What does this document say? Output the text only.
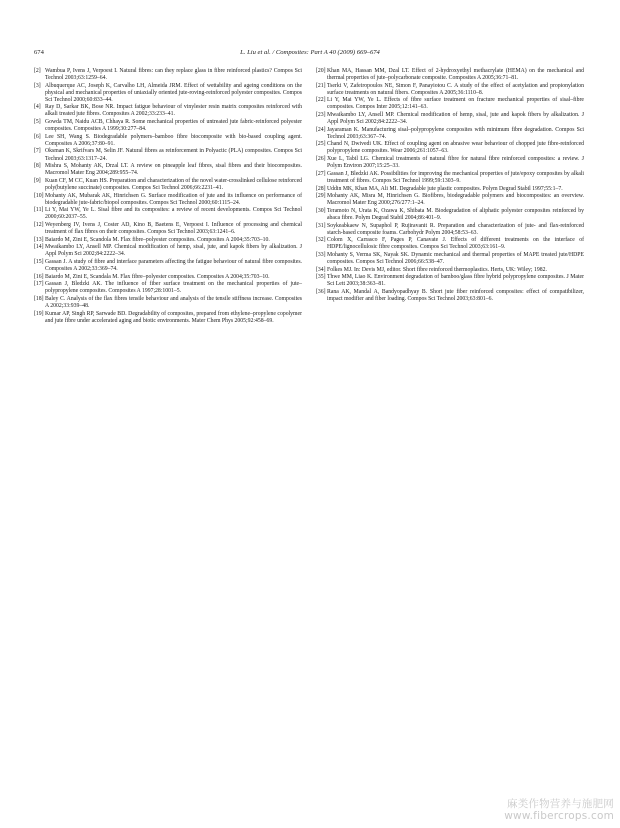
674	L. Liu et al. / Composites: Part A 40 (2009) 669–674
[2] Wambua P, Ivens J, Verpoest I. Natural fibres: can they replace glass in fibre reinforced plastics? Compos Sci Technol 2003;63:1259–64.
[3] Albuquerque AC, Joseph K, Carvalho LH, Almeida JRM. Effect of wettability and ageing conditions on the physical and mechanical properties of uniaxially oriented jute-roving-reinforced polyester composites. Compos Sci Technol 2000;60:833–44.
[4] Ray D, Sarkar BK, Bose NR. Impact fatigue behaviour of vinylester resin matrix composites reinforced with alkali treated jute fibres. Composites A 2002;33:233–41.
[5] Gowda TM, Naidu ACB, Chhaya R. Some mechanical properties of untreated jute fabric-reinforced polyester composites. Composites A 1999;30:277–84.
[6] Lee SH, Wang S. Biodegradable polymers–bamboo fibre biocomposite with bio-based coupling agent. Composites A 2006;37:80–91.
[7] Oksman K, Skrifvars M, Selin JF. Natural fibres as reinforcement in Polyactic (PLA) composites. Compos Sci Technol 2003;63:1317–24.
[8] Mishra S, Mohanty AK, Drzal LT. A review on pineapple leaf fibres, sisal fibres and their biocomposites. Macromol Mater Eng 2004;289:955–74.
[9] Kuan CF, M CC, Kuan HS. Preparation and characterization of the novel water-crosslinked cellulose reinforced poly(butylene succinate) composites. Compos Sci Technol 2006;66:2231–41.
[10] Mohanty AK, Mubarak AK, Hinrichsen G. Surface modification of jute and its influence on performance of biodegradable jute-fabric/biopol composites. Compos Sci Technol 2000;60:1115–24.
[11] Li Y, Mai YW, Ye L. Sisal fibre and its composites: a review of recent developments. Compos Sci Technol 2000;60:2037–55.
[12] Weyenberg IV, Ivens J, Coster AD, Kino B, Baetens E, Verpoest I. Influence of processing and chemical treatment of flax fibres on their composites. Compos Sci Technol 2003;63:1241–6.
[13] Baiardo M, Zini E, Scandola M. Flax fibre–polyester composites. Composites A 2004;35:703–10.
[14] Mwaikambo LY, Ansell MP. Chemical modification of hemp, sisal, jute, and kapok fibers by alkalization. J Appl Polym Sci 2002;84:2222–34.
[15] Gassan J. A study of fibre and interface parameters affecting the fatigue behaviour of natural fibre composites. Composites A 2002;33:369–74.
[16] Baiardo M, Zini E, Scandala M. Flax fibre–polyester composites. Composites A 2004;35:703–10.
[17] Gassan J, Bledzki AK. The influence of fiber surface treatment on the mechanical properties of jute–polypropylene composites. Composites A 1997;28:1001–5.
[18] Baley C. Analysis of the flax fibres tensile behaviour and analysis of the tensile stiffness increase. Composites A 2002;33:939–48.
[19] Kumar AP, Singh RP, Sarwade BD. Degradability of composites, prepared from ethylene–propylene copolymer and jute fibre under accelerated aging and biotic environments. Mater Chem Phys 2005;92:458–69.
[20] Khan MA, Hassan MM, Dzal LT. Effect of 2-hydroxyethyl methacrylate (HEMA) on the mechanical and thermal properties of jute–polycarbonate composite. Composites A 2005;36:71–81.
[21] Tserki V, Zafeiropoulos NE, Simon F, Panayiotou C. A study of the effect of acetylation and propionylation surface treatments on natural fibers. Composites A 2005;36:1110–8.
[22] Li Y, Mai YW, Ye L. Effects of fibre surface treatment on fracture mechanical properties of sisal–fibre composites. Compos Inter 2005;12:141–63.
[23] Mwaikambo LY, Ansell MP. Chemical modification of hemp, sisal, jute and kapok fibers by alkalization. J Appl Polym Sci 2002;84:2222–34.
[24] Jayaraman K. Manufacturing sisal–polypropylene composites with minimum fibre degradation. Compos Sci Technol 2003;63:367–74.
[25] Chand N, Dwivedi UK. Effect of coupling agent on abrasive wear behaviour of chopped jute fibre-reinforced polypropylene composites. Wear 2006;261:1057–63.
[26] Xue L, Tabil LG. Chemical treatments of natural fibre for natural fibre reinforced composites: a review. J Polym Environ 2007;15:25–33.
[27] Gassan J, Bledzki AK. Possibilities for improving the mechanical properties of jute/epoxy composites by alkali treatment of fibres. Compos Sci Technol 1999;59:1303–9.
[28] Uddin MK, Khan MA, Ali MI. Degradable jute plastic composites. Polym Degrad Stabil 1997;55:1–7.
[29] Mohanty AK, Misra M, Hinrichsen G. Biofibres, biodegradable polymers and biocomposites: an overview. Macromol Mater Eng 2000;276/277:1–24.
[30] Teramoto N, Urata K, Ozawa K, Shibata M. Biodegradation of aliphatic polyester composites reinforced by abaca fibre. Polym Degrad Stabil 2004;86:401–9.
[31] Soykeabkaew N, Supaphol P, Rujiravanit R. Preparation and characterization of jute- and flax-reinforced starch-based composite foams. Carbohydr Polym 2004;58:53–63.
[32] Colom X, Carrasco F, Pages P, Canavate J. Effects of different treatments on the interface of HDPE/lignocellulosic fibre composites. Compos Sci Technol 2003;63:161–9.
[33] Mohanty S, Verma SK, Nayak SK. Dynamic mechanical and thermal properties of MAPE treated jute/HDPE composites. Compos Sci Technol 2006;66:538–47.
[34] Folkes MJ. In: Devis MJ, editor. Short fibre reinforced thermoplastics. Herts, UK: Wiley; 1982.
[35] Thwe MM, Liao K. Environment degradation of bamboo/glass fibre hybrid polypropylene composites. J Mater Sci Lett 2003;38:363–81.
[36] Rana AK, Mandal A, Bandyopadhyay B. Short jute fiber reinforced composites: effect of compatibilizer, impact modifier and fiber loading. Compos Sci Technol 2003;63:801–6.
麻类作物营养与施肥网
www.fibercrops.com
